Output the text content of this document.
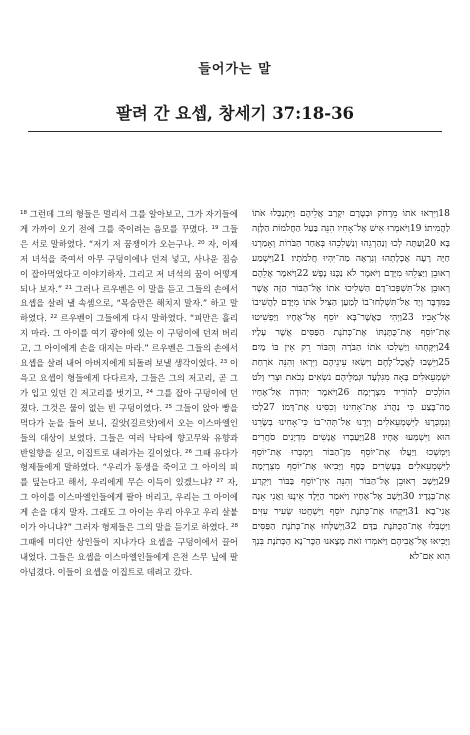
들어가는 말
팔려 간 요셉, 창세기 37:18-36
$^{18}$ 그런데 그의 형들은 멀리서 그를 알아보고, 그가 자기들에게 가까이 오기 전에 그를 죽이려는 음모를 꾸몄다. $^{19}$ 그들은 서로 말하였다. “저기 저 꿈쟁이가 오는구나. $^{20}$ 자, 이제 저 녀석을 죽여서 아무 구덩이에나 던져 넣고, 사나운 짐승이 잡아먹었다고 이야기하자. 그리고 저 녀석의 꿈이 어떻게 되나 보자.” $^{21}$ 그러나 르우벤은 이 말을 듣고 그들의 손에서 요셉을 살려 낼 속셈으로, “목숨만은 해치지 말자.” 하고 말하였다. $^{22}$ 르우벤이 그들에게 다시 말하였다. “피만은 흘리지 마라. 그 아이를 여기 광야에 있는 이 구덩이에 던져 버리고, 그 아이에게 손을 대지는 마라.” 르우벤은 그들의 손에서 요셉을 살려 내어 아버지에게 되돌려 보낼 생각이었다. $^{23}$ 이윽고 요셉이 형들에게 다다르자, 그들은 그의 저고리, 곧 그가 입고 있던 긴 저고리를 벗기고, $^{24}$ 그를 잡아 구덩이에 던졌다. 그것은 물이 없는 빈 구덩이였다. $^{25}$ 그들이 앉아 빵을 먹다가 눈을 들어 보니, 길앗(길르앗)에서 오는 이스마엘인들의 대상이 보였다. 그들은 여러 낙타에 향고무와 유향과 반일향을 싣고, 이집트로 내려가는 길이었다. $^{26}$ 그때 유다가 형제들에게 말하였다. “우리가 동생을 죽이고 그 아이의 피를 덮는다고 해서, 우리에게 무슨 이득이 있겠느냐? $^{27}$ 자, 그 아이를 이스마엘인들에게 팔아 버리고, 우리는 그 아이에게 손을 대지 말자. 그래도 그 아이는 우리 아우고 우리 살붙이가 아니냐?” 그러자 형제들은 그의 말을 듣기로 하였다. $^{28}$ 그때에 미디안 상인들이 지나가다 요셉을 구덩이에서 끌어내었다. 그들은 요셉을 이스마엘인들에게 은전 스무 닢에 팔아넘겼다. 이들이 요셉을 이집트로 데려고 갔다.
18וַיִּרְאוּ אֹתוֹ מֵרָחֹק וּבְטֶרֶם יִקְרַב אֲלֵיהֶם וַיִּתְנַכְּלוּ אֹתוֹ לַהֲמִיתוֹ׃ 19וַיֹּאמְרוּ אִישׁ אֶל־אָחִיו הִנֵּה בַּעַל הַחֲלֹמוֹת הַלָּזֶה בָּא׃ 20וְעַתָּה לְכוּ וְנַהַרְגֵהוּ וְנַשְׁלִכֵהוּ בְּאַחַד הַבֹּרוֹת וְאָמַרְנוּ חַיָּה רָעָה אֲכָלָתְהוּ וְנִרְאֶה מַה־יִּהְיוּ חֲלֹמֹתָיו׃ 21וַיִּשְׁמַע רְאוּבֵן וַיַּצִּלֵהוּ מִיָּדָם וַיֹּאמֶר לֹא נַכֶּנּוּ נָפֶשׁ׃ 22וַיֹּאמֶר אֲלֵהֶם רְאוּבֵן אַל־תִּשְׁפְּכוּ־דָם הַשְׁלִיכוּ אֹתוֹ אֶל־הַבּוֹר הַזֶּה אֲשֶׁר בַּמִּדְבָּר וְיָד אַל־תִּשְׁלְחוּ־בוֹ לְמַעַן הַצִּיל אֹתוֹ מִיָּדָם לַהֲשִׁיבוֹ אֶל־אָבִיו׃ 23וַיְהִי כַּאֲשֶׁר־בָּא יוֹסֵף אֶל־אֶחָיו וַיַּפְשִׁיטוּ אֶת־יוֹסֵף אֶת־כֻּתָּנְתּוֹ אֶת־כְּתֹנֶת הַפַּסִּים אֲשֶׁר עָלָיו׃ 24וַיִּקָּחֻהוּ וַיַּשְׁלִכוּ אֹתוֹ הַבֹּרָה וְהַבּוֹר רֵק אֵין בּוֹ מָיִם׃ 25וַיֵּשְׁבוּ לֶאֱכָל־לֶחֶם וַיִּשְׂאוּ עֵינֵיהֶם וַיִּרְאוּ וְהִנֵּה אֹרְחַת יִשְׁמְעֵאלִים בָּאָה מִגִּלְעָד וּגְמַלֵּיהֶם נֹשְׂאִים נְכֹאת וּצְרִי וָלֹט הוֹלְכִים לְהוֹרִיד מִצְרָיְמָה׃ 26וַיֹּאמֶר יְהוּדָה אֶל־אֶחָיו מַה־בֶּצַע כִּי נַהֲרֹג אֶת־אָחִינוּ וְכִסִּינוּ אֶת־דָּמוֹ׃ 27לְכוּ וְנִמְכְּרֶנּוּ לַיִּשְׁמְעֵאלִים וְיָדֵנוּ אַל־תְּהִי־בוֹ כִּי־אָחִינוּ בְשָׂרֵנוּ הוּא וַיִּשְׁמְעוּ אֶחָיו׃ 28וַיַּעַבְרוּ אֲנָשִׁים מִדְיָנִים סֹחֲרִים וַיִּמְשְׁכוּ וַיַּעֲלוּ אֶת־יוֹסֵף מִן־הַבּוֹר וַיִּמְכְּרוּ אֶת־יוֹסֵף לַיִּשְׁמְעֵאלִים בְּעֶשְׂרִים כָּסֶף וַיָּבִיאוּ אֶת־יוֹסֵף מִצְרָיְמָה׃ 29וַיָּשָׁב רְאוּבֵן אֶל־הַבּוֹר וְהִנֵּה אֵין־יוֹסֵף בַּבּוֹר וַיִּקְרַע אֶת־בְּגָדָיו׃ 30וַיָּשָׁב אֶל־אֶחָיו וַיֹּאמַר הַיֶּלֶד אֵינֶנּוּ וַאֲנִי אָנָה אֲנִי־בָא׃ 31וַיִּקְחוּ אֶת־כְּתֹנֶת יוֹסֵף וַיִּשְׁחֲטוּ שְׂעִיר עִזִּים וַיִּטְבְּלוּ אֶת־הַכֻּתֹּנֶת בַּדָּם׃ 32וַיְשַׁלְּחוּ אֶת־כְּתֹנֶת הַפַּסִּים וַיָּבִיאוּ אֶל־אֲבִיהֶם וַיֹּאמְרוּ זֹאת מָצָאנוּ הַכֶּר־נָא הַכְּתֹנֶת בִּנְךָ הִוא אִם־לֹא׃
